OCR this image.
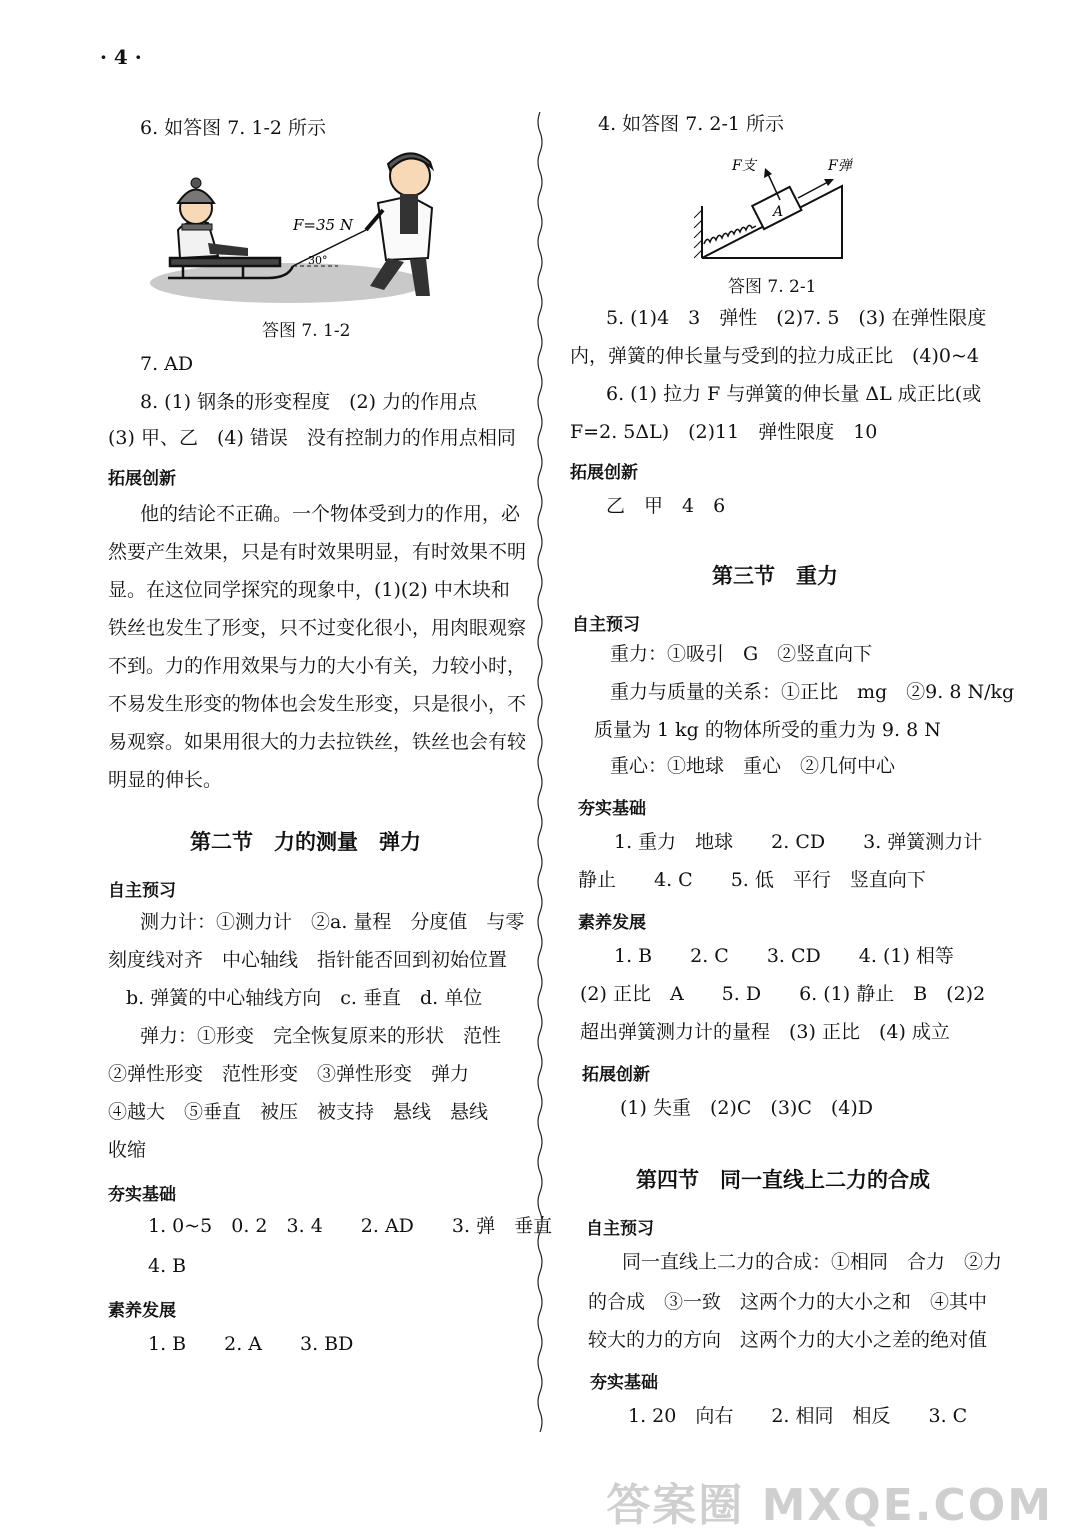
· 4 ·
6. 如答图 7. 1-2 所示
30°
F=35 N
答图 7. 1-2
7. AD
8. (1) 钢条的形变程度　(2) 力的作用点
(3) 甲、乙　(4) 错误　没有控制力的作用点相同
拓展创新
他的结论不正确。一个物体受到力的作用，必
然要产生效果，只是有时效果明显，有时效果不明
显。在这位同学探究的现象中，(1)(2) 中木块和
铁丝也发生了形变，只不过变化很小，用肉眼观察
不到。力的作用效果与力的大小有关，力较小时，
不易发生形变的物体也会发生形变，只是很小，不
易观察。如果用很大的力去拉铁丝，铁丝也会有较
明显的伸长。
第二节　力的测量　弹力
自主预习
测力计：①测力计　②a. 量程　分度值　与零
刻度线对齐　中心轴线　指针能否回到初始位置
b. 弹簧的中心轴线方向　c. 垂直　d. 单位
弹力：①形变　完全恢复原来的形状　范性
②弹性形变　范性形变　③弹性形变　弹力
④越大　⑤垂直　被压　被支持　悬线　悬线
收缩
夯实基础
1. 0~5　0. 2　3. 4　　2. AD　　3. 弹　垂直
4. B
素养发展
1. B　　2. A　　3. BD
4. 如答图 7. 2-1 所示
A
F支	F弹
答图 7. 2-1
5. (1)4　3　弹性　(2)7. 5　(3) 在弹性限度
内，弹簧的伸长量与受到的拉力成正比　(4)0~4
6. (1) 拉力 F 与弹簧的伸长量 ΔL 成正比(或
F=2. 5ΔL)　(2)11　弹性限度　10
拓展创新
乙　甲　4　6
第三节　重力
自主预习
重力：①吸引　G　②竖直向下
重力与质量的关系：①正比　mg　②9. 8 N/kg
质量为 1 kg 的物体所受的重力为 9. 8 N
重心：①地球　重心　②几何中心
夯实基础
1. 重力　地球　　2. CD　　3. 弹簧测力计
静止　　4. C　　5. 低　平行　竖直向下
素养发展
1. B　　2. C　　3. CD　　4. (1) 相等
(2) 正比　A　　5. D　　6. (1) 静止　B　(2)2
超出弹簧测力计的量程　(3) 正比　(4) 成立
拓展创新
(1) 失重　(2)C　(3)C　(4)D
第四节　同一直线上二力的合成
自主预习
同一直线上二力的合成：①相同　合力　②力
的合成　③一致　这两个力的大小之和　④其中
较大的力的方向　这两个力的大小之差的绝对值
夯实基础
1. 20　向右　　2. 相同　相反　　3. C
答案圈 MXQE.COM
